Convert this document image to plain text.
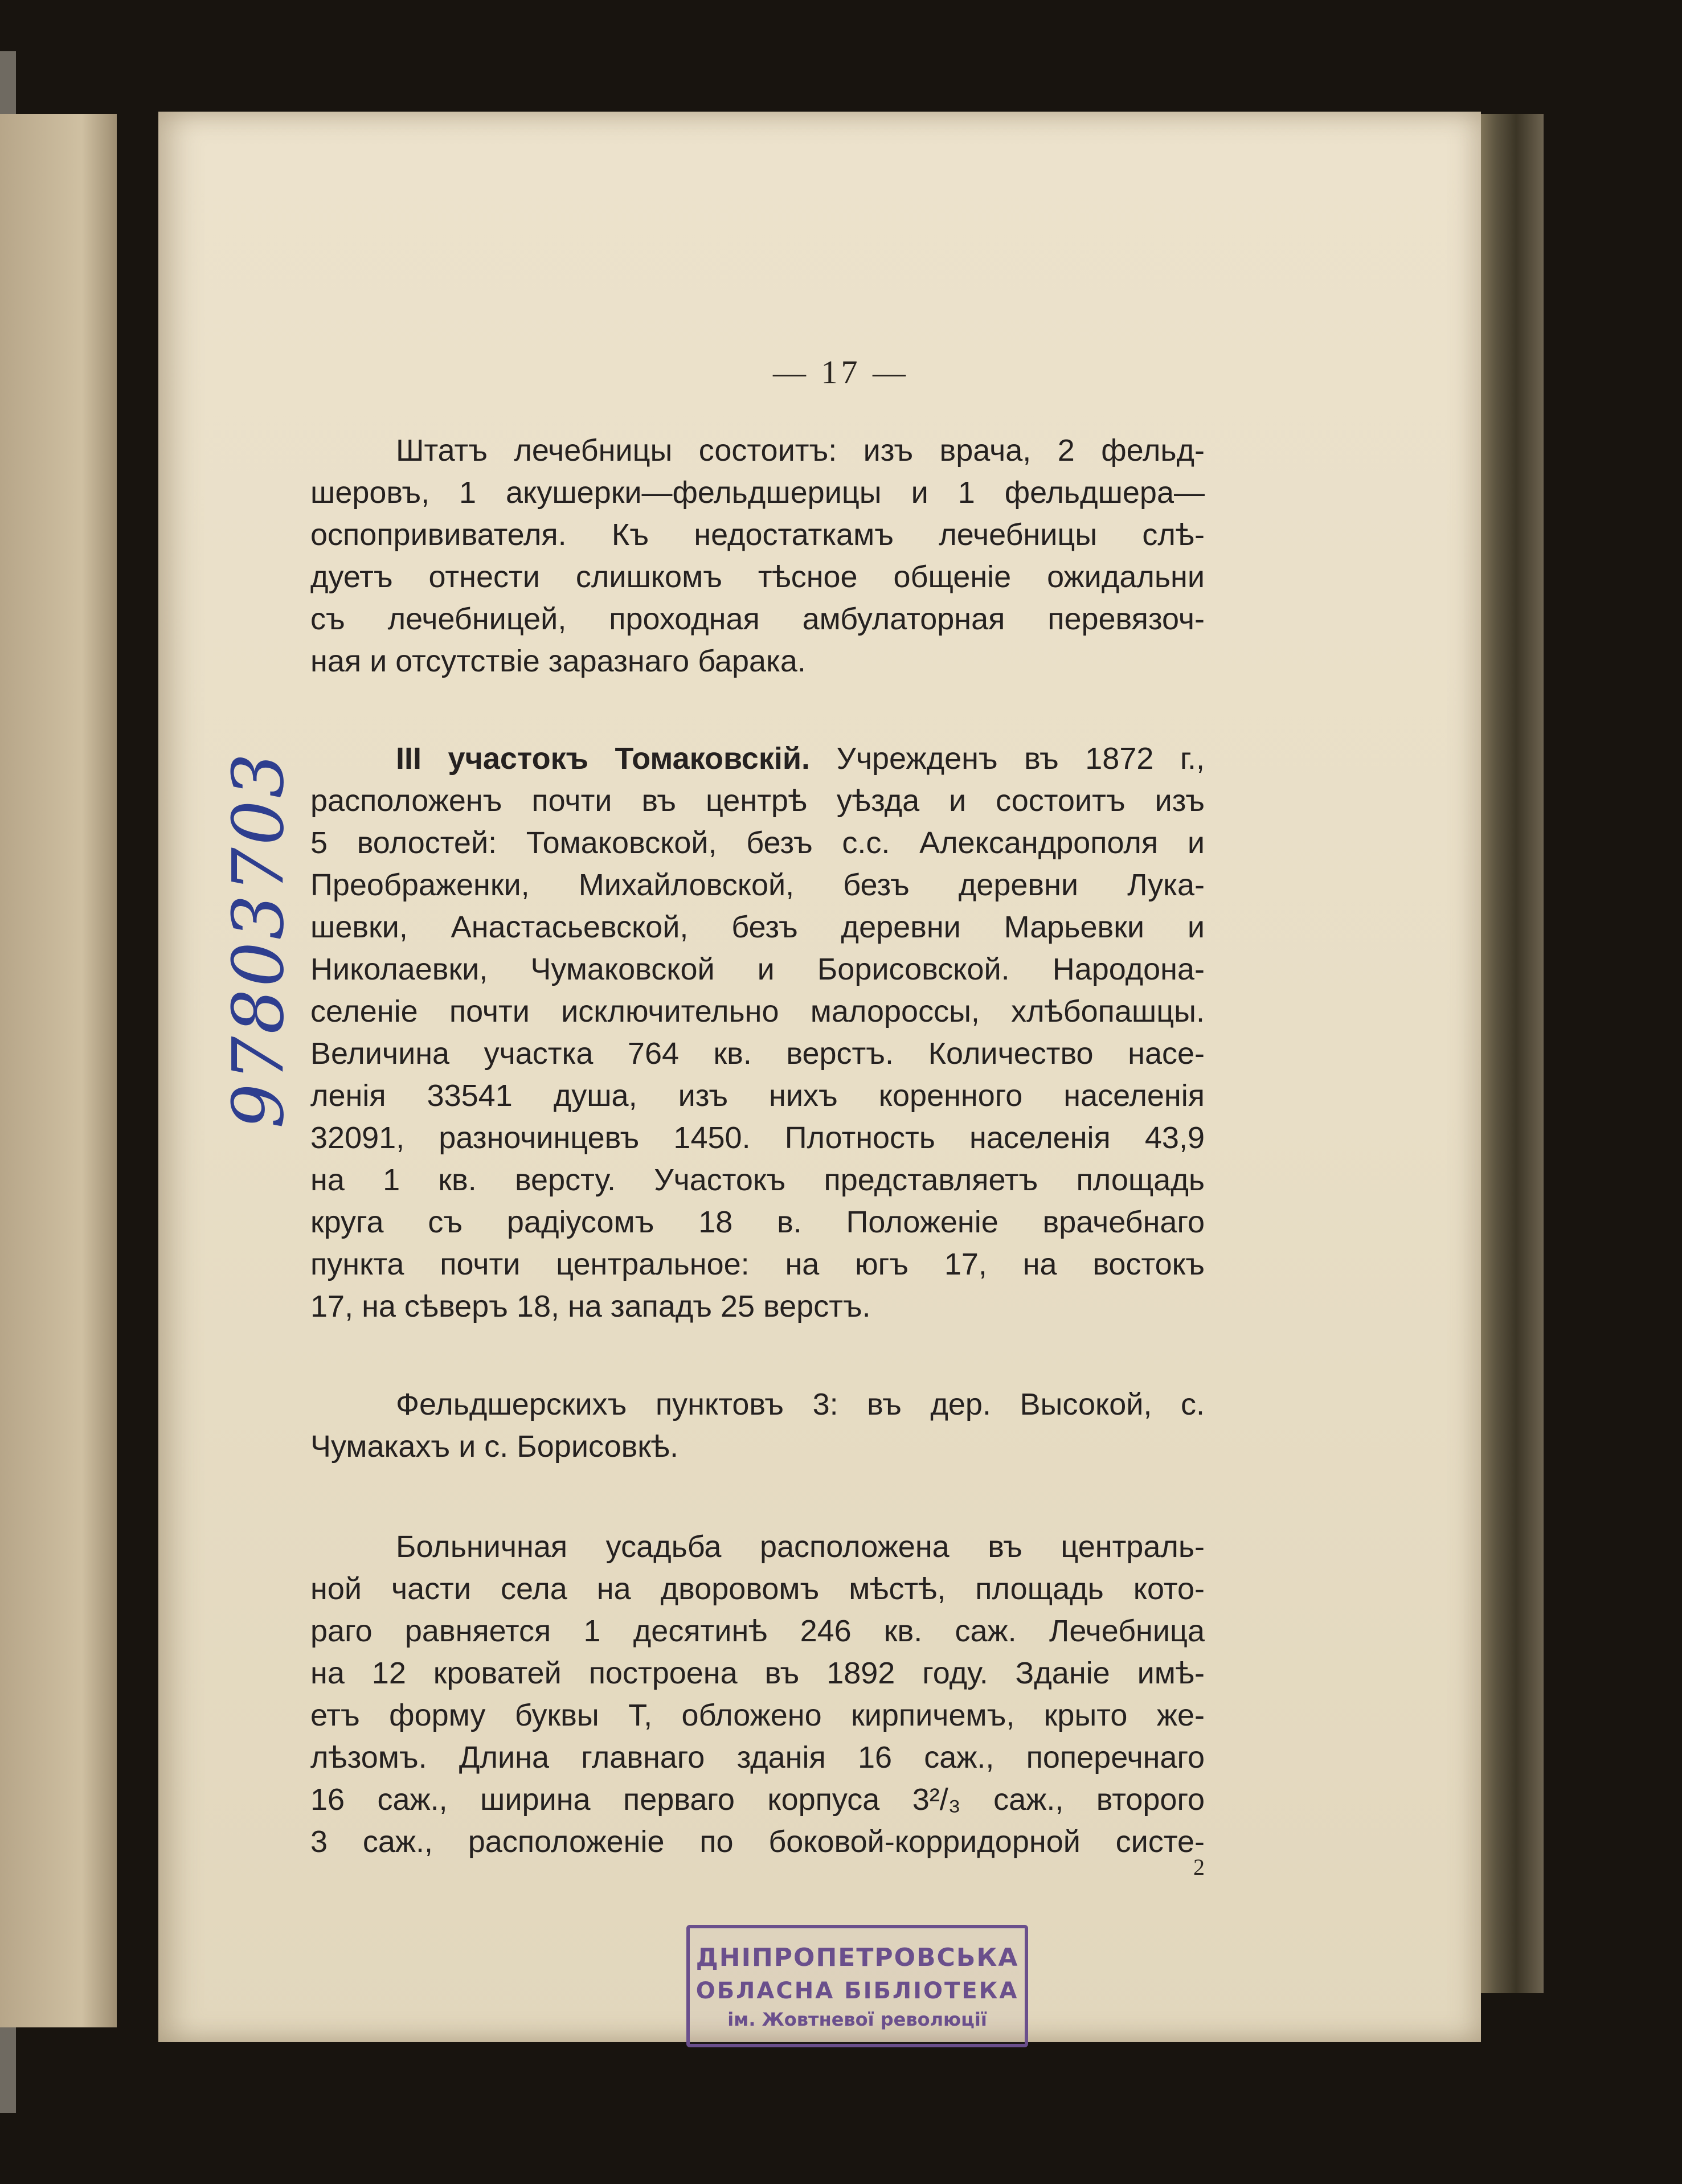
— 17 —
97803703

Штатъ лечебницы состоитъ: изъ врача, 2 фельд-

шеровъ, 1 акушерки—фельдшерицы и 1 фельдшера—

оспопрививателя. Къ недостаткамъ лечебницы слѣ-

дуетъ отнести слишкомъ тѣсное общеніе ожидальни

съ лечебницей, проходная амбулаторная перевязоч-

ная и отсутствіе заразнаго барака.

III участокъ Томаковскій. Учрежденъ въ 1872 г.,

расположенъ почти въ центрѣ уѣзда и состоитъ изъ

5 волостей: Томаковской, безъ с.с. Александрополя и

Преображенки, Михайловской, безъ деревни Лука-

шевки, Анастасьевской, безъ деревни Марьевки и

Николаевки, Чумаковской и Борисовской. Народона-

селеніе почти исключительно малороссы, хлѣбопашцы.

Величина участка 764 кв. верстъ. Количество насе-

ленія 33541 душа, изъ нихъ коренного населенія

32091, разночинцевъ 1450. Плотность населенія 43,9

на 1 кв. версту. Участокъ представляетъ площадь

круга съ радіусомъ 18 в. Положеніе врачебнаго

пункта почти центральное: на югъ 17, на востокъ

17, на сѣверъ 18, на западъ 25 верстъ.

Фельдшерскихъ пунктовъ 3: въ дер. Высокой, с.

Чумакахъ и с. Борисовкѣ.

Больничная усадьба расположена въ централь-

ной части села на дворовомъ мѣстѣ, площадь кото-

раго равняется 1 десятинѣ 246 кв. саж. Лечебница

на 12 кроватей построена въ 1892 году. Зданіе имѣ-

етъ форму буквы Т, обложено кирпичемъ, крыто же-

лѣзомъ. Длина главнаго зданія 16 саж., поперечнаго

16 саж., ширина перваго корпуса 3²/₃ саж., второго

3 саж., расположеніе по боковой-корридорной систе-

2
ДНІПРОПЕТРОВСЬКА
ОБЛАСНА БІБЛІОТЕКА
ім. Жовтневої революції
